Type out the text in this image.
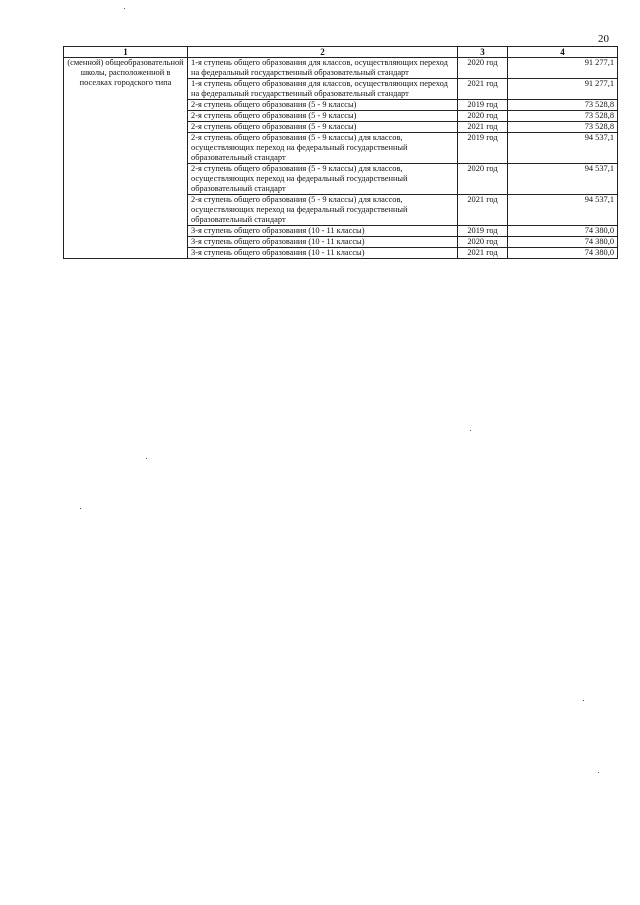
20
1	2	3	4
(сменной) общеобразовательной школы, расположенной в поселках городского типа	1-я ступень общего образования для классов, осуществляющих переход на федеральный государственный образовательный стандарт	2020 год	91 277,1
	1-я ступень общего образования для классов, осуществляющих переход на федеральный государственный образовательный стандарт	2021 год	91 277,1
	2-я ступень общего образования (5 - 9 классы)	2019 год	73 528,8
	2-я ступень общего образования (5 - 9 классы)	2020 год	73 528,8
	2-я ступень общего образования (5 - 9 классы)	2021 год	73 528,8
	2-я ступень общего образования (5 - 9 классы) для классов, осуществляющих переход на федеральный государственный образовательный стандарт	2019 год	94 537,1
	2-я ступень общего образования (5 - 9 классы) для классов, осуществляющих переход на федеральный государственный образовательный стандарт	2020 год	94 537,1
	2-я ступень общего образования (5 - 9 классы) для классов, осуществляющих переход на федеральный государственный образовательный стандарт	2021 год	94 537,1
	3-я ступень общего образования (10 - 11 классы)	2019 год	74 380,0
	3-я ступень общего образования (10 - 11 классы)	2020 год	74 380,0
	3-я ступень общего образования (10 - 11 классы)	2021 год	74 380,0
